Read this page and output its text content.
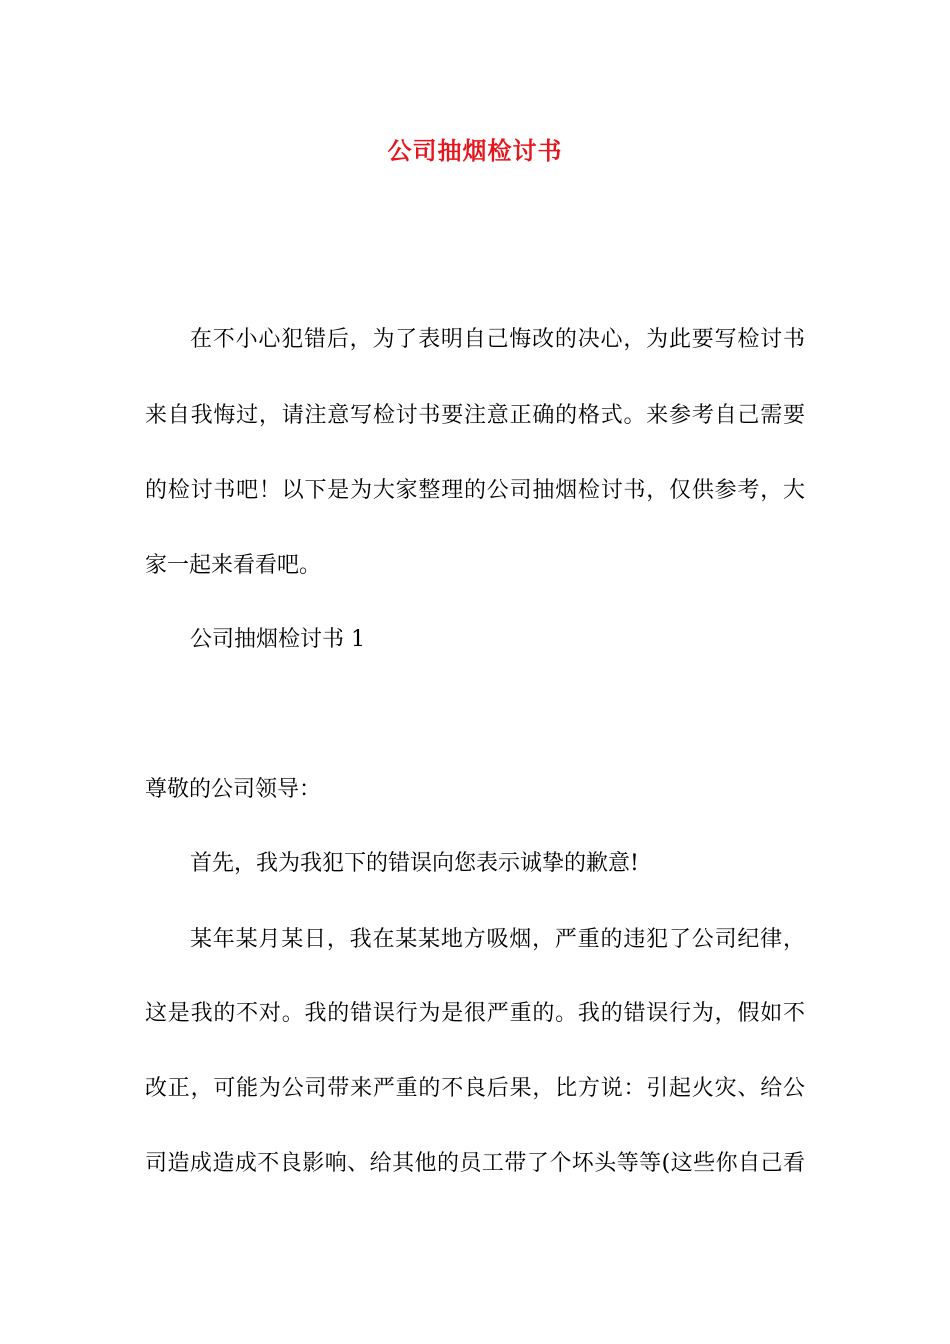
公司抽烟检讨书
在不小心犯错后，为了表明自己悔改的决心，为此要写检讨书
来自我悔过，请注意写检讨书要注意正确的格式。来参考自己需要
的检讨书吧！以下是为大家整理的公司抽烟检讨书，仅供参考，大
家一起来看看吧。
公司抽烟检讨书 1
尊敬的公司领导：
首先，我为我犯下的错误向您表示诚挚的歉意!
某年某月某日，我在某某地方吸烟，严重的违犯了公司纪律，
这是我的不对。我的错误行为是很严重的。我的错误行为，假如不
改正，可能为公司带来严重的不良后果，比方说：引起火灾、给公
司造成造成不良影响、给其他的员工带了个坏头等等(这些你自己看
